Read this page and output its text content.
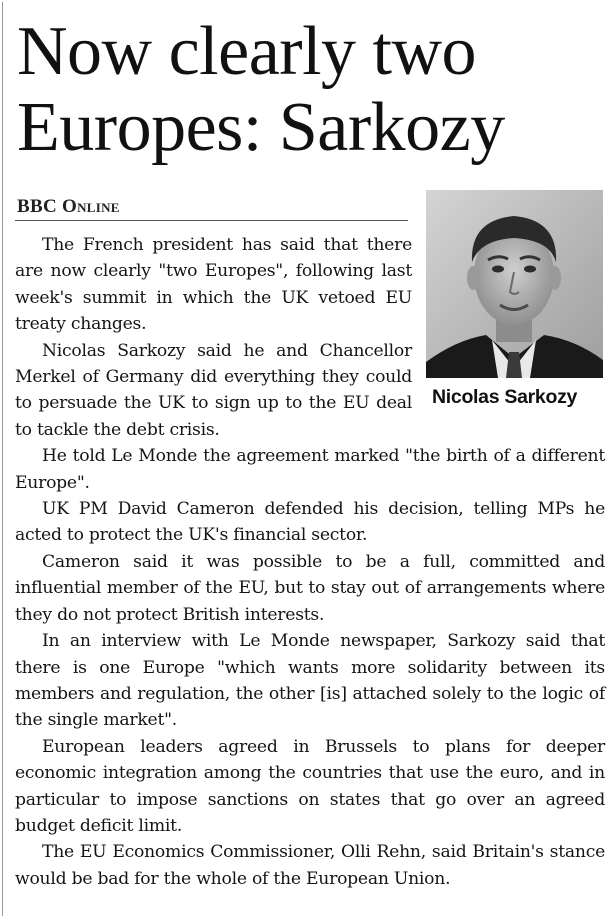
Now clearly two Europes: Sarkozy
BBC Online
Nicolas Sarkozy

The French president has said that there are now clearly "two Europes", following last week's summit in which the UK vetoed EU treaty changes.

Nicolas Sarkozy said he and Chancellor Merkel of Germany did everything they could to persuade the UK to sign up to the EU deal to tackle the debt crisis.

He told Le Monde the agreement marked "the birth of a different Europe".

UK PM David Cameron defended his decision, telling MPs he acted to protect the UK's financial sector.

Cameron said it was possible to be a full, committed and influential member of the EU, but to stay out of arrangements where they do not protect British interests.

In an interview with Le Monde newspaper, Sarkozy said that there is one Europe "which wants more solidarity between its members and regulation, the other [is] attached solely to the logic of the single market".

European leaders agreed in Brussels to plans for deeper economic integration among the countries that use the euro, and in particular to impose sanctions on states that go over an agreed budget deficit limit.

The EU Economics Commissioner, Olli Rehn, said Britain's stance would be bad for the whole of the European Union.
